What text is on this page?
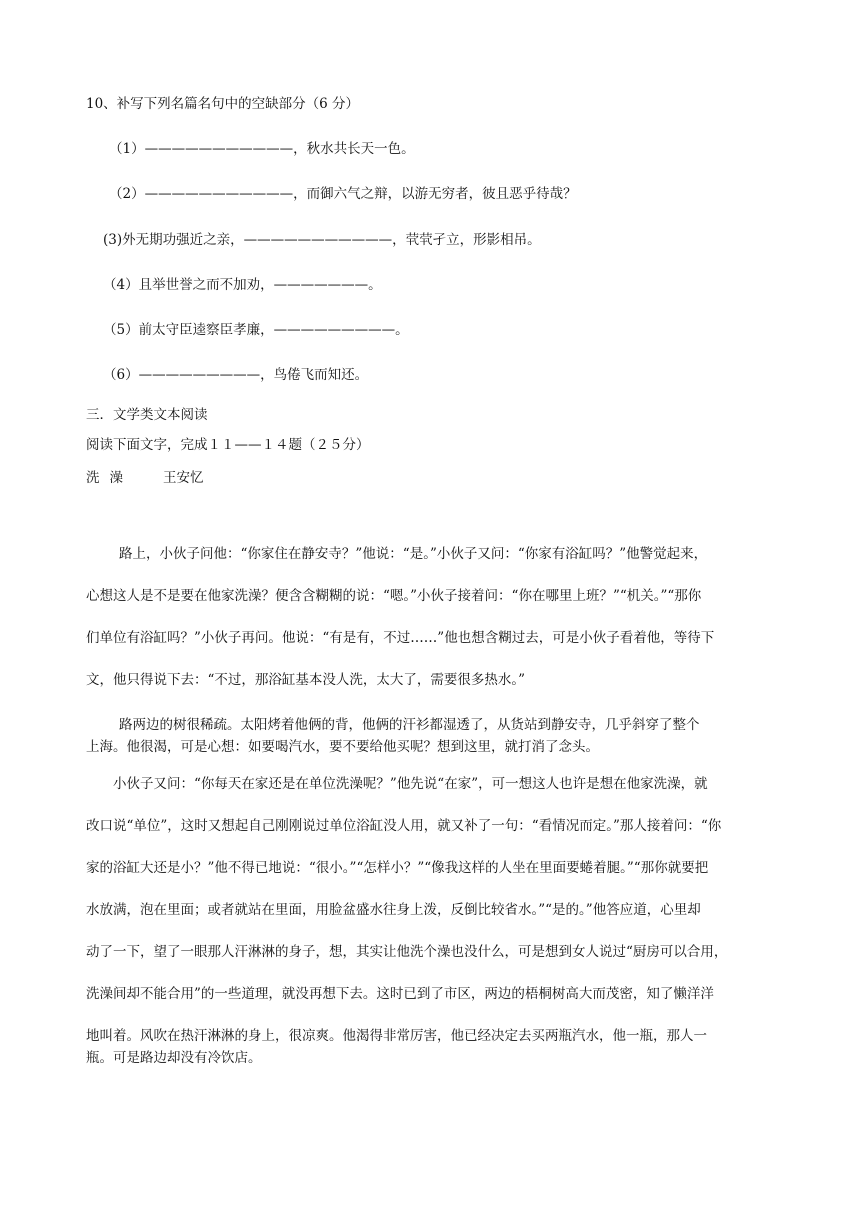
10、补写下列名篇名句中的空缺部分（6 分）
（1）———————————，秋水共长天一色。
（2）———————————，而御六气之辩，以游无穷者，彼且恶乎待哉？
(3)外无期功强近之亲，———————————，茕茕孑立，形影相吊。
（4）且举世誉之而不加劝，———————。
（5）前太守臣逵察臣孝廉，—————————。
（6）—————————，鸟倦飞而知还。
三．文学类文本阅读
阅读下面文字，完成１１——１４题（２５分）
洗 澡	王安忆
路上，小伙子问他：“你家住在静安寺？”他说：“是。”小伙子又问：“你家有浴缸吗？”他警觉起来，
心想这人是不是要在他家洗澡？便含含糊糊的说：“嗯。”小伙子接着问：“你在哪里上班？”“机关。”“那你
们单位有浴缸吗？”小伙子再问。他说：“有是有，不过……”他也想含糊过去，可是小伙子看着他，等待下
文，他只得说下去：“不过，那浴缸基本没人洗，太大了，需要很多热水。”
路两边的树很稀疏。太阳烤着他俩的背，他俩的汗衫都湿透了，从货站到静安寺，几乎斜穿了整个
上海。他很渴，可是心想：如要喝汽水，要不要给他买呢？想到这里，就打消了念头。
小伙子又问：“你每天在家还是在单位洗澡呢？”他先说“在家”，可一想这人也许是想在他家洗澡，就
改口说“单位”，这时又想起自己刚刚说过单位浴缸没人用，就又补了一句：“看情况而定。”那人接着问：“你
家的浴缸大还是小？”他不得已地说：“很小。”“怎样小？”“像我这样的人坐在里面要蜷着腿。”“那你就要把
水放满，泡在里面；或者就站在里面，用脸盆盛水往身上泼，反倒比较省水。”“是的。”他答应道，心里却
动了一下，望了一眼那人汗淋淋的身子，想，其实让他洗个澡也没什么，可是想到女人说过“厨房可以合用，
洗澡间却不能合用”的一些道理，就没再想下去。这时已到了市区，两边的梧桐树高大而茂密，知了懒洋洋
地叫着。风吹在热汗淋淋的身上，很凉爽。他渴得非常厉害，他已经决定去买两瓶汽水，他一瓶，那人一
瓶。可是路边却没有冷饮店。
